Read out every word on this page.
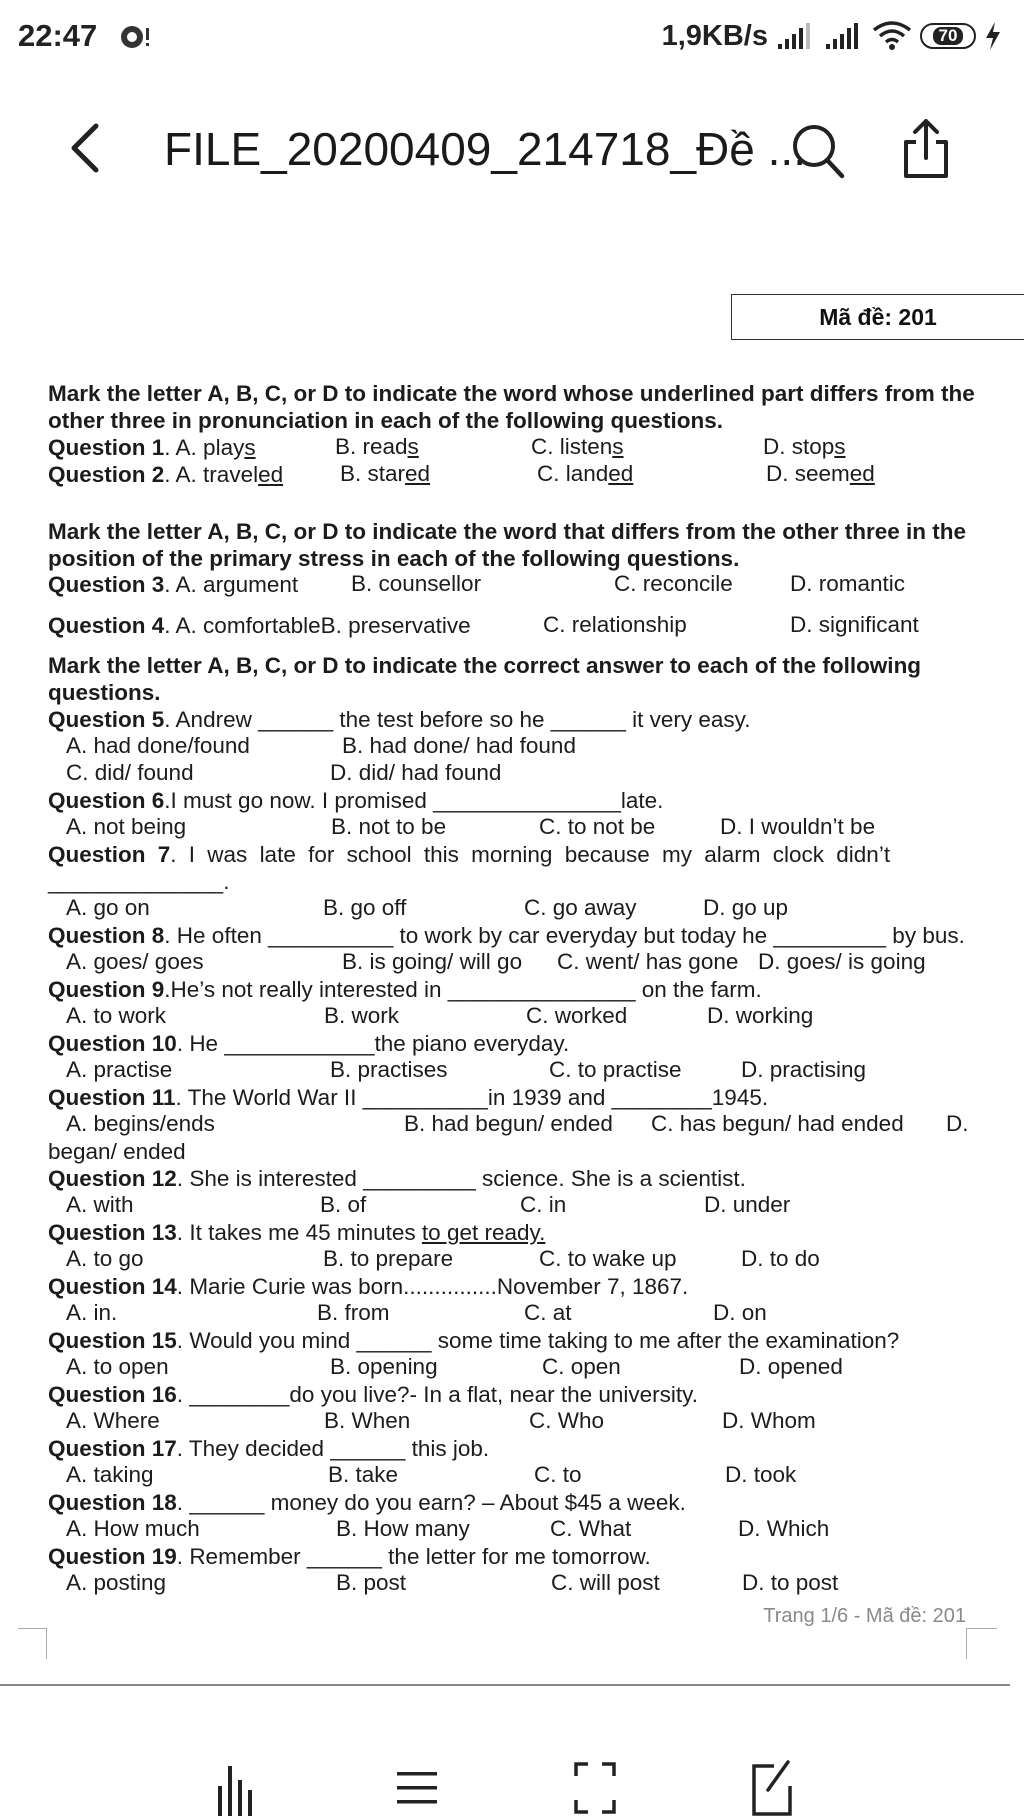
22:47	1,9KB/s	70
FILE_20200409_214718_Đề ...
Mã đề: 201
Mark the letter A, B, C, or D to indicate the word whose underlined part differs from the
other three in pronunciation in each of the following questions.
Question 1. A. plays	B. reads	C. listens	D. stops
Question 2. A. traveled	B. stared	C. landed	D. seemed
Mark the letter A, B, C, or D to indicate the word that differs from the other three in the
position of the primary stress in each of the following questions.
Question 3. A. argument B. counsellor	C. reconcile	D. romantic
Question 4. A. comfortableB. preservative	C. relationship	D. significant
Mark the letter A, B, C, or D to indicate the correct answer to each of the following
questions.
Question 5. Andrew ______ the test before so he ______ it very easy.
A. had done/found	B. had done/ had found
C. did/ found	D. did/ had found
Question 6.I must go now. I promised _______________late.
A. not being	B. not to be	C. to not be	D. I wouldn’t be
Question 7. I was late for school this morning because my alarm clock didn’t
______________.
A. go on	B. go off	C. go away	D. go up
Question 8. He often __________ to work by car everyday but today he _________ by bus.
A. goes/ goes	B. is going/ will go C. went/ has gone D. goes/ is going
Question 9.He’s not really interested in _______________ on the farm.
A. to work	B. work	C. worked	D. working
Question 10. He ____________the piano everyday.
A. practise	B. practises	C. to practise	D. practising
Question 11. The World War II __________in 1939 and ________1945.
A. begins/ends	B. had begun/ ended C. has begun/ had ended D.
began/ ended
Question 12. She is interested _________ science. She is a scientist.
A. with	B. of	C. in	D. under
Question 13. It takes me 45 minutes to get ready.
A. to go	B. to prepare	C. to wake up	D. to do
Question 14. Marie Curie was born...............November 7, 1867.
A. in.	B. from	C. at	D. on
Question 15. Would you mind ______ some time taking to me after the examination?
A. to open	B. opening	C. open	D. opened
Question 16. ________do you live?- In a flat, near the university.
A. Where	B. When	C. Who	D. Whom
Question 17. They decided ______ this job.
A. taking	B. take	C. to	D. took
Question 18. ______ money do you earn? – About $45 a week.
A. How much	B. How many	C. What	D. Which
Question 19. Remember ______ the letter for me tomorrow.
A. posting	B. post	C. will post	D. to post
Trang 1/6 - Mã đề: 201
